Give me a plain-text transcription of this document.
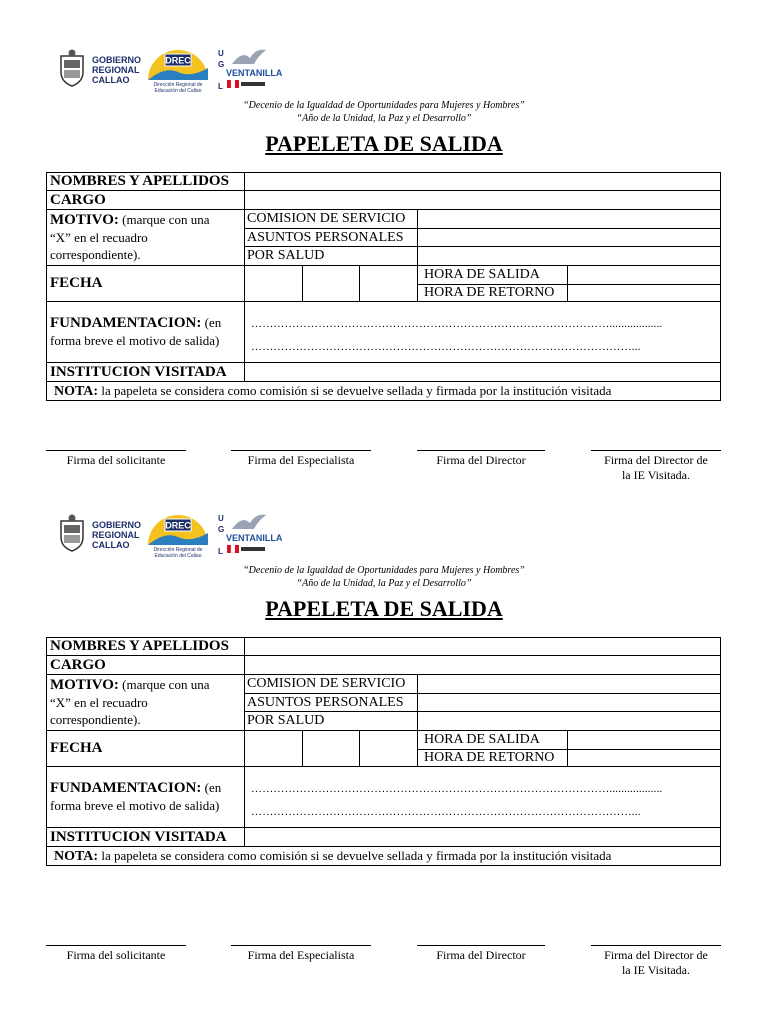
GOBIERNO
REGIONAL
CALLAO
DREC
Dirección Regional de Educación del Callao
U
G
L
VENTANILLA
“Decenio de la Igualdad de Oportunidades para Mujeres y Hombres”
“Año de la Unidad, la Paz y el Desarrollo”
PAPELETA DE SALIDA
NOMBRES Y APELLIDOS
CARGO
MOTIVO: (marque con una
“X” en el recuadro
correspondiente).
COMISION DE SERVICIO
ASUNTOS PERSONALES
POR SALUD
FECHA
HORA DE SALIDA
HORA DE RETORNO
FUNDAMENTACION: (en
forma breve el motivo de salida)
……………………………………………………………………………………..................
…………………………………………………………………………………………...
INSTITUCION VISITADA
NOTA: la papeleta se considera como comisión si se devuelve sellada y firmada por la institución visitada
Firma del solicitante	Firma del Especialista	Firma del Director	Firma del Director de
la IE Visitada.
GOBIERNO
REGIONAL
CALLAO
DREC
Dirección Regional de Educación del Callao
U
G
L
VENTANILLA
“Decenio de la Igualdad de Oportunidades para Mujeres y Hombres”
“Año de la Unidad, la Paz y el Desarrollo”
PAPELETA DE SALIDA
NOMBRES Y APELLIDOS
CARGO
MOTIVO: (marque con una
“X” en el recuadro
correspondiente).
COMISION DE SERVICIO
ASUNTOS PERSONALES
POR SALUD
FECHA
HORA DE SALIDA
HORA DE RETORNO
FUNDAMENTACION: (en
forma breve el motivo de salida)
……………………………………………………………………………………..................
…………………………………………………………………………………………...
INSTITUCION VISITADA
NOTA: la papeleta se considera como comisión si se devuelve sellada y firmada por la institución visitada
Firma del solicitante	Firma del Especialista	Firma del Director	Firma del Director de
la IE Visitada.
